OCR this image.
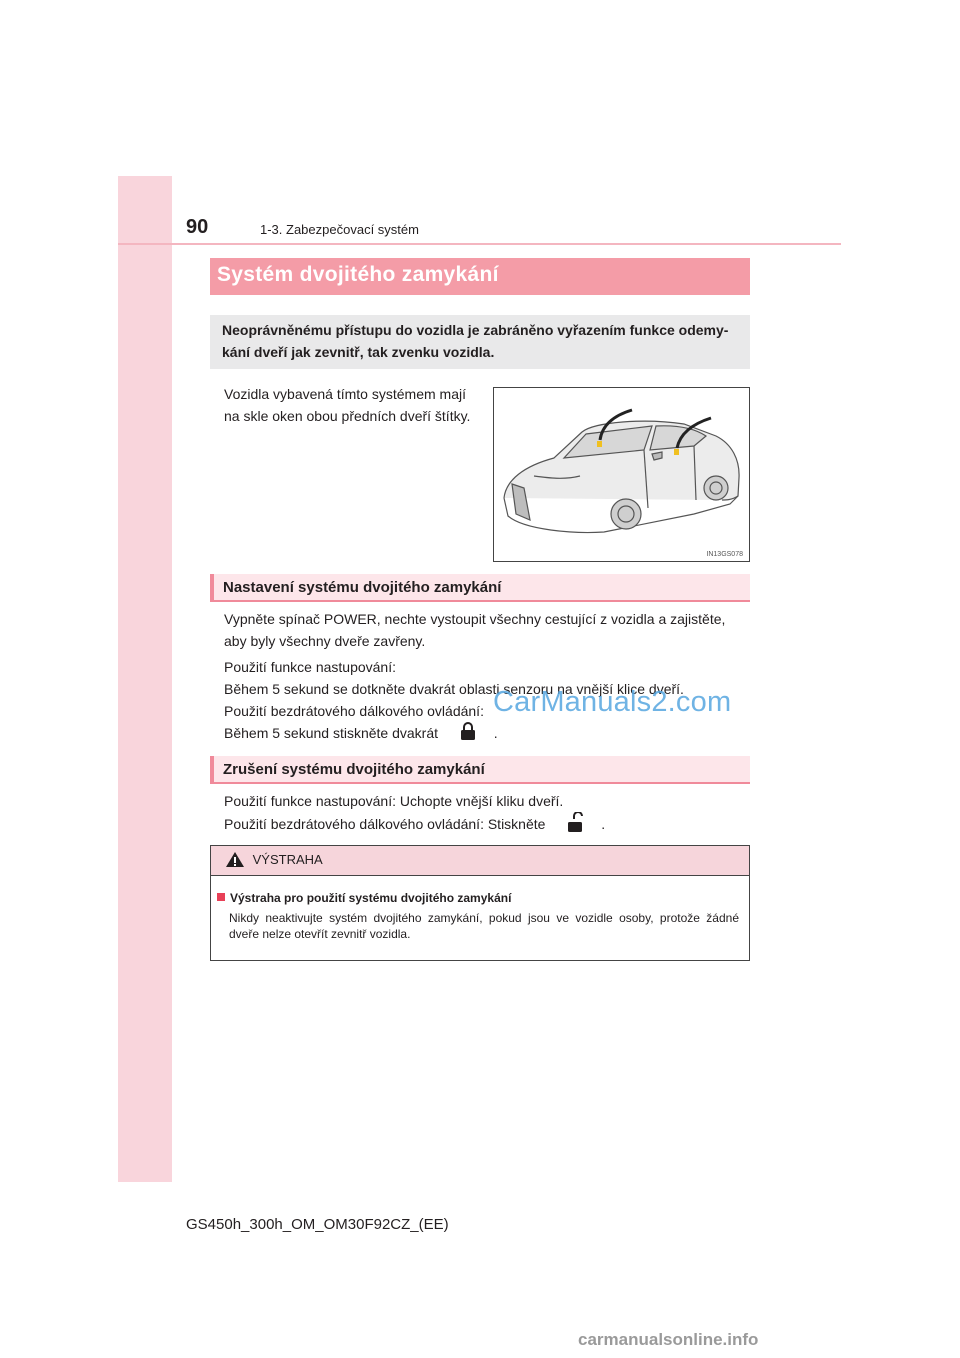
90	1-3. Zabezpečovací systém
Systém dvojitého zamykání
Neoprávněnému přístupu do vozidla je zabráněno vyřazením funkce odemy-
kání dveří jak zevnitř, tak zvenku vozidla.
Vozidla vybavená tímto systémem mají
na skle oken obou předních dveří štítky.
IN13GS078
Nastavení systému dvojitého zamykání
Vypněte spínač POWER, nechte vystoupit všechny cestující z vozidla a zajistěte,
aby byly všechny dveře zavřeny.
Použití funkce nastupování:
Během 5 sekund se dotkněte dvakrát oblasti senzoru na vnější klice dveří.
Použití bezdrátového dálkového ovládání:
Během 5 sekund stiskněte dvakrát	.
Zrušení systému dvojitého zamykání
Použití funkce nastupování: Uchopte vnější kliku dveří.
Použití bezdrátového dálkového ovládání: Stiskněte	.
VÝSTRAHA
Výstraha pro použití systému dvojitého zamykání
Nikdy neaktivujte systém dvojitého zamykání, pokud jsou ve vozidle osoby, protože žádné dveře nelze otevřít zevnitř vozidla.
CarManuals2.com
GS450h_300h_OM_OM30F92CZ_(EE)
carmanualsonline.info
